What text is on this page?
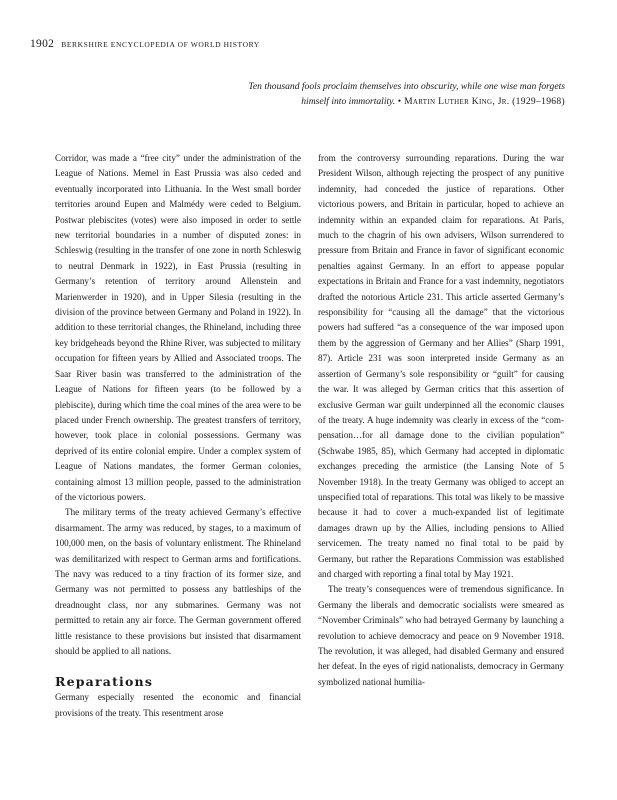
1902 BERKSHIRE ENCYCLOPEDIA OF WORLD HISTORY
Ten thousand fools proclaim themselves into obscurity, while one wise man forgets
himself into immortality. • Martin Luther King, Jr. (1929–1968)

Corridor, was made a “free city” under the administration of the League of Nations. Memel in East Prussia was also ceded and eventually incorporated into Lithuania. In the West small border territories around Eupen and Malmédy were ceded to Belgium. Postwar plebiscites (votes) were also imposed in order to settle new territorial boundaries in a number of disputed zones: in Schleswig (resulting in the transfer of one zone in north Schleswig to neutral Denmark in 1922), in East Prussia (resulting in Germany’s retention of territory around Allenstein and Marienwerder in 1920), and in Upper Silesia (resulting in the division of the province between Germany and Poland in 1922). In addition to these territorial changes, the Rhineland, including three key bridgeheads beyond the Rhine River, was subjected to military occupation for fifteen years by Allied and Associated troops. The Saar River basin was transferred to the administration of the League of Nations for fifteen years (to be followed by a plebiscite), during which time the coal mines of the area were to be placed under French ownership. The greatest transfers of territory, however, took place in colonial possessions. Germany was deprived of its entire colonial empire. Under a complex system of League of Nations mandates, the former German colonies, containing almost 13 million people, passed to the administration of the victorious powers.

The military terms of the treaty achieved Germany’s effective disarmament. The army was reduced, by stages, to a maximum of 100,000 men, on the basis of voluntary enlistment. The Rhineland was demilitarized with respect to German arms and fortifications. The navy was reduced to a tiny fraction of its former size, and Germany was not permitted to possess any battleships of the dreadnought class, nor any submarines. Germany was not permitted to retain any air force. The German government offered little resistance to these provisions but insisted that disarmament should be applied to all nations.

Reparations

Germany especially resented the economic and financial provisions of the treaty. This resentment arose

from the controversy surrounding reparations. During the war President Wilson, although rejecting the prospect of any punitive indemnity, had conceded the justice of reparations. Other victorious powers, and Britain in particular, hoped to achieve an indemnity within an expanded claim for reparations. At Paris, much to the chagrin of his own advisers, Wilson surrendered to pressure from Britain and France in favor of significant economic penalties against Germany. In an effort to appease popular expectations in Britain and France for a vast indemnity, negotiators drafted the notorious Article 231. This article asserted Germany’s responsibility for “causing all the damage” that the victorious powers had suffered “as a consequence of the war imposed upon them by the aggression of Germany and her Allies” (Sharp 1991, 87). Article 231 was soon interpreted inside Germany as an assertion of Germany’s sole responsibility or “guilt” for causing the war. It was alleged by German critics that this assertion of exclusive German war guilt underpinned all the economic clauses of the treaty. A huge indemnity was clearly in excess of the “compensation…for all damage done to the civilian population” (Schwabe 1985, 85), which Germany had accepted in diplomatic exchanges preceding the armistice (the Lansing Note of 5 November 1918). In the treaty Germany was obliged to accept an unspecified total of reparations. This total was likely to be massive because it had to cover a much-expanded list of legitimate damages drawn up by the Allies, including pensions to Allied servicemen. The treaty named no final total to be paid by Germany, but rather the Reparations Commission was established and charged with reporting a final total by May 1921.

The treaty’s consequences were of tremendous significance. In Germany the liberals and democratic socialists were smeared as “November Criminals” who had betrayed Germany by launching a revolution to achieve democracy and peace on 9 November 1918. The revolution, it was alleged, had disabled Germany and ensured her defeat. In the eyes of rigid nationalists, democracy in Germany symbolized national humilia-
